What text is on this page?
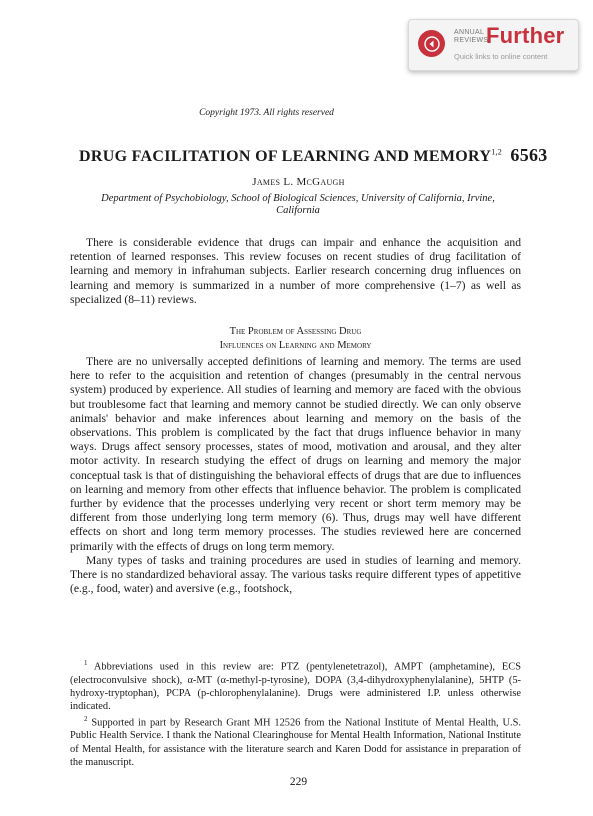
ANNUAL
REVIEWS
Further
Quick links to online content
Copyright 1973. All rights reserved
DRUG FACILITATION OF LEARNING AND MEMORY$^{1,2}$ 6563
James L. McGaugh
Department of Psychobiology, School of Biological Sciences, University of California, Irvine, California

There is considerable evidence that drugs can impair and enhance the acquisition and retention of learned responses. This review focuses on recent studies of drug facilitation of learning and memory in infrahuman subjects. Earlier research concerning drug influences on learning and memory is summarized in a number of more comprehensive (1–7) as well as specialized (8–11) reviews.

The Problem of Assessing Drug
Influences on Learning and Memory

There are no universally accepted definitions of learning and memory. The terms are used here to refer to the acquisition and retention of changes (presumably in the central nervous system) produced by experience. All studies of learning and memory are faced with the obvious but troublesome fact that learning and memory cannot be studied directly. We can only observe animals' behavior and make inferences about learning and memory on the basis of the observations. This problem is complicated by the fact that drugs influence behavior in many ways. Drugs affect sensory processes, states of mood, motivation and arousal, and they alter motor activity. In research studying the effect of drugs on learning and memory the major conceptual task is that of distinguishing the behavioral effects of drugs that are due to influences on learning and memory from other effects that influence behavior. The problem is complicated further by evidence that the processes underlying very recent or short term memory may be different from those underlying long term memory (6). Thus, drugs may well have different effects on short and long term memory processes. The studies reviewed here are concerned primarily with the effects of drugs on long term memory.

Many types of tasks and training procedures are used in studies of learning and memory. There is no standardized behavioral assay. The various tasks require different types of appetitive (e.g., food, water) and aversive (e.g., footshock,

$^1$ Abbreviations used in this review are: PTZ (pentylenetetrazol), AMPT (amphetamine), ECS (electroconvulsive shock), α-MT (α-methyl-p-tyrosine), DOPA (3,4-dihydroxyphenylalanine), 5HTP (5-hydroxy-tryptophan), PCPA (p-chlorophenylalanine). Drugs were administered I.P. unless otherwise indicated.

$^2$ Supported in part by Research Grant MH 12526 from the National Institute of Mental Health, U.S. Public Health Service. I thank the National Clearinghouse for Mental Health Information, National Institute of Mental Health, for assistance with the literature search and Karen Dodd for assistance in preparation of the manuscript.

229
